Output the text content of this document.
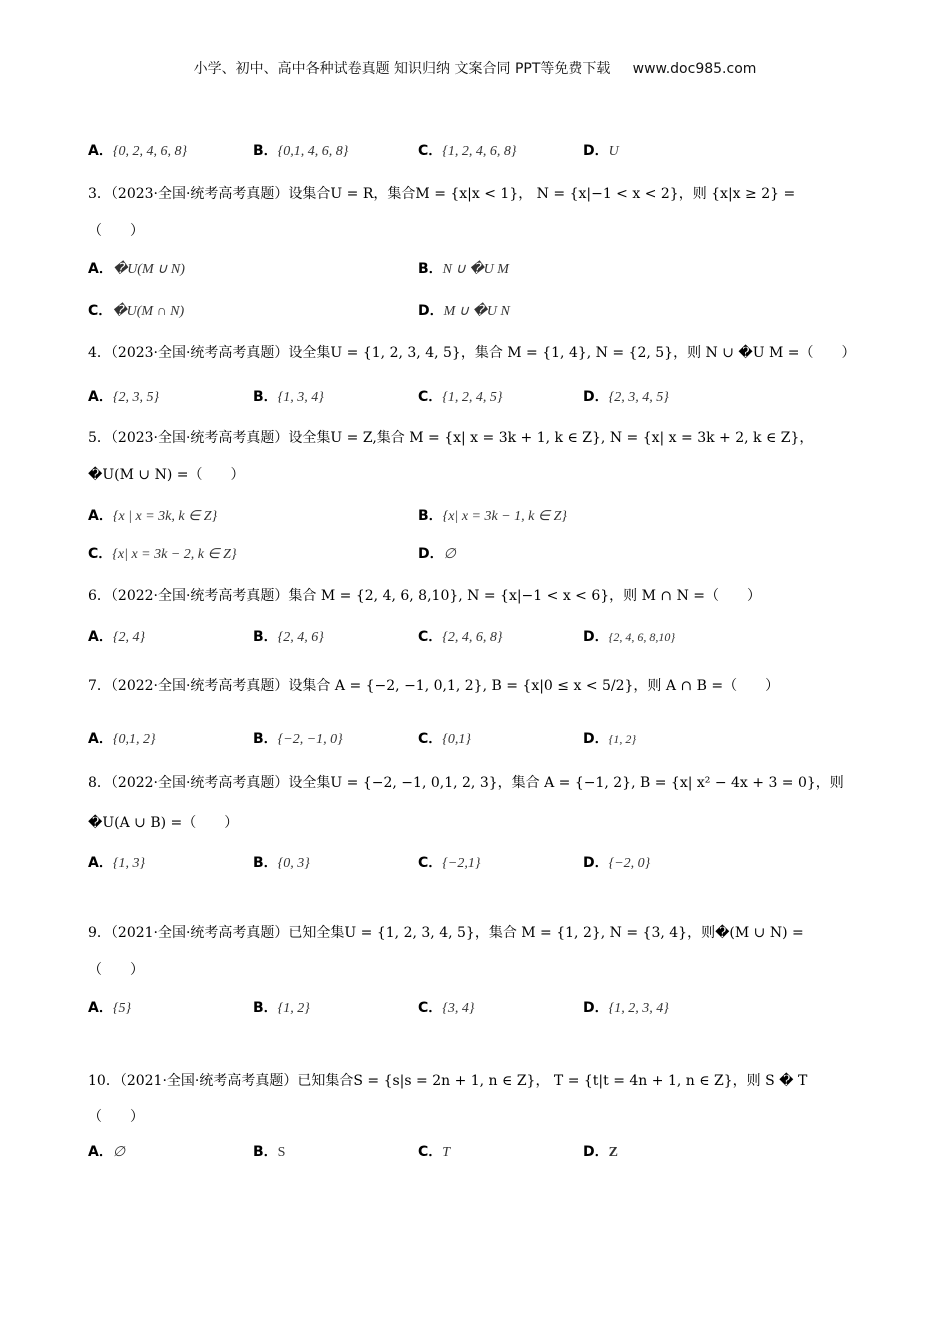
小学、初中、高中各种试卷真题 知识归纳 文案合同 PPT等免费下载 www.doc985.com
A．{0, 2, 4, 6, 8}	B．{0,1, 4, 6, 8}	C．{1, 2, 4, 6, 8}	D．U
3．（2023·全国·统考高考真题）设集合U = R，集合M = {x|x < 1}， N = {x|−1 < x < 2}，则 {x|x ≥ 2} =
（　　）
A．�U(M ∪ N)	B．N ∪ �U M
C．�U(M ∩ N)	D．M ∪ �U N
4．（2023·全国·统考高考真题）设全集U = {1, 2, 3, 4, 5}，集合 M = {1, 4}, N = {2, 5}，则 N ∪ �U M =（　　）
A．{2, 3, 5}	B．{1, 3, 4}	C．{1, 2, 4, 5}	D．{2, 3, 4, 5}
5．（2023·全国·统考高考真题）设全集U = Z,集合 M = {x| x = 3k + 1, k ∈ Z}, N = {x| x = 3k + 2, k ∈ Z}，
�U(M ∪ N) =（　　）
A．{x | x = 3k, k ∈ Z}	B．{x| x = 3k − 1, k ∈ Z}
C．{x| x = 3k − 2, k ∈ Z}	D．∅
6．（2022·全国·统考高考真题）集合 M = {2, 4, 6, 8,10}, N = {x|−1 < x < 6}，则 M ∩ N =（　　）
A．{2, 4}	B．{2, 4, 6}	C．{2, 4, 6, 8}	D．{2, 4, 6, 8,10}
7．（2022·全国·统考高考真题）设集合 A = {−2, −1, 0,1, 2}, B = {x|0 ≤ x < 5/2}，则 A ∩ B =（　　）
A．{0,1, 2}	B．{−2, −1, 0}	C．{0,1}	D．{1, 2}
8．（2022·全国·统考高考真题）设全集U = {−2, −1, 0,1, 2, 3}，集合 A = {−1, 2}, B = {x| x² − 4x + 3 = 0}，则
�U(A ∪ B) =（　　）
A．{1, 3}	B．{0, 3}	C．{−2,1}	D．{−2, 0}
9．（2021·全国·统考高考真题）已知全集U = {1, 2, 3, 4, 5}，集合 M = {1, 2}, N = {3, 4}，则�(M ∪ N) =
（　　）
A．{5}	B．{1, 2}	C．{3, 4}	D．{1, 2, 3, 4}
10．（2021·全国·统考高考真题）已知集合S = {s|s = 2n + 1, n ∈ Z}， T = {t|t = 4n + 1, n ∈ Z}，则 S � T
（　　）
A．∅	B．S	C．T	D．Z
